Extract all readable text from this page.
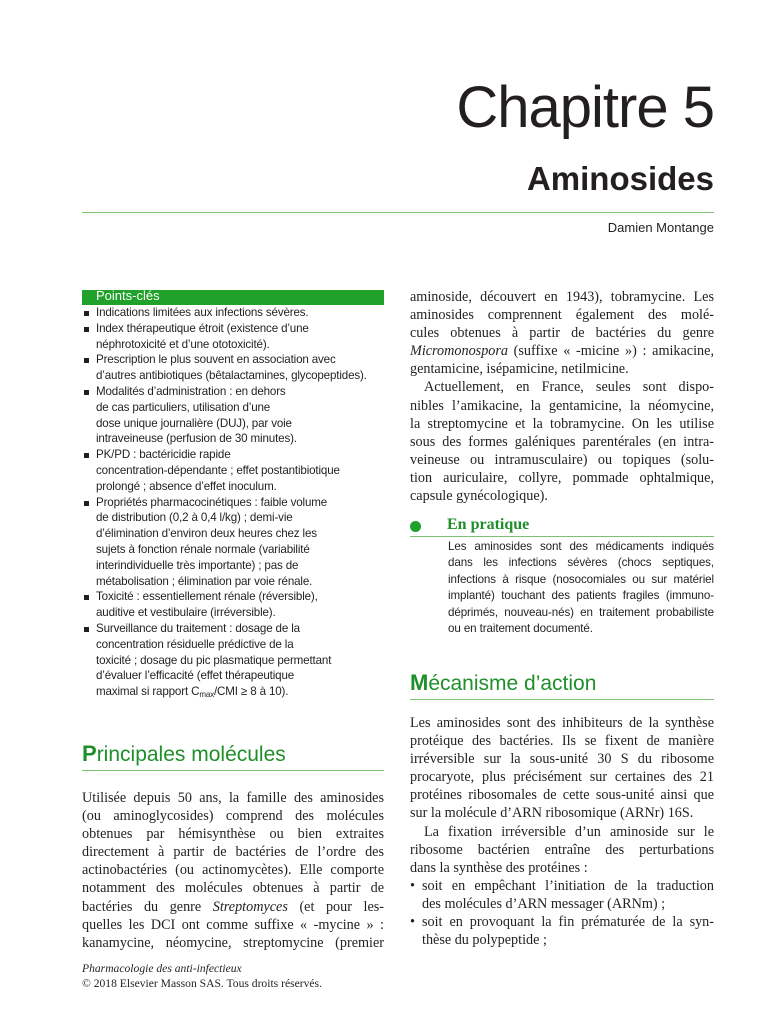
Chapitre 5
Aminosides

Damien Montange

Points-clés
Indications limitées aux infections sévères.
Index thérapeutique étroit (existence d’une
néphrotoxicité et d’une ototoxicité).
Prescription le plus souvent en association avec
d’autres antibiotiques (bêtalactamines, glycopeptides).
Modalités d’administration : en dehors
de cas particuliers, utilisation d’une
dose unique journalière (DUJ), par voie
intraveineuse (perfusion de 30 minutes).
PK/PD : bactéricidie rapide
concentration-dépendante ; effet postantibiotique
prolongé ; absence d’effet inoculum.
Propriétés pharmacocinétiques : faible volume
de distribution (0,2 à 0,4 l/kg) ; demi-vie
d’élimination d’environ deux heures chez les
sujets à fonction rénale normale (variabilité
interindividuelle très importante) ; pas de
métabolisation ; élimination par voie rénale.
Toxicité : essentiellement rénale (réversible),
auditive et vestibulaire (irréversible).
Surveillance du traitement : dosage de la
concentration résiduelle prédictive de la
toxicité ; dosage du pic plasmatique permettant
d’évaluer l’efficacité (effet thérapeutique
maximal si rapport $C_{max}$/CMI ≥ 8 à 10).
Principales molécules
Utilisée depuis 50 ans, la famille des aminosides
(ou aminoglycosides) comprend des molécules
obtenues par hémisynthèse ou bien extraites
directement à partir de bactéries de l’ordre des
actinobactéries (ou actinomycètes). Elle comporte
notamment des molécules obtenues à partir de
bactéries du genre Streptomyces (et pour les-
quelles les DCI ont comme suffixe « -mycine » :
kanamycine, néomycine, streptomycine (premier
aminoside, découvert en 1943), tobramycine. Les
aminosides comprennent également des molé-
cules obtenues à partir de bactéries du genre
Micromonospora (suffixe « -micine ») : amikacine,
gentamicine, isépamicine, netilmicine.
Actuellement, en France, seules sont dispo-
nibles l’amikacine, la gentamicine, la néomycine,
la streptomycine et la tobramycine. On les utilise
sous des formes galéniques parentérales (en intra-
veineuse ou intramusculaire) ou topiques (solu-
tion auriculaire, collyre, pommade ophtalmique,
capsule gynécologique).
En pratique
Les aminosides sont des médicaments indiqués
dans les infections sévères (chocs septiques,
infections à risque (nosocomiales ou sur matériel
implanté) touchant des patients fragiles (immuno-
déprimés, nouveau-nés) en traitement probabiliste
ou en traitement documenté.
Mécanisme d’action
Les aminosides sont des inhibiteurs de la synthèse
protéique des bactéries. Ils se fixent de manière
irréversible sur la sous-unité 30 S du ribosome
procaryote, plus précisément sur certaines des 21
protéines ribosomales de cette sous-unité ainsi que
sur la molécule d’ARN ribosomique (ARNr) 16S.
La fixation irréversible d’un aminoside sur le
ribosome bactérien entraîne des perturbations
dans la synthèse des protéines :
• soit en empêchant l’initiation de la traduction
des molécules d’ARN messager (ARNm) ;
• soit en provoquant la fin prématurée de la syn-
thèse du polypeptide ;
Pharmacologie des anti-infectieux
© 2018 Elsevier Masson SAS. Tous droits réservés.
